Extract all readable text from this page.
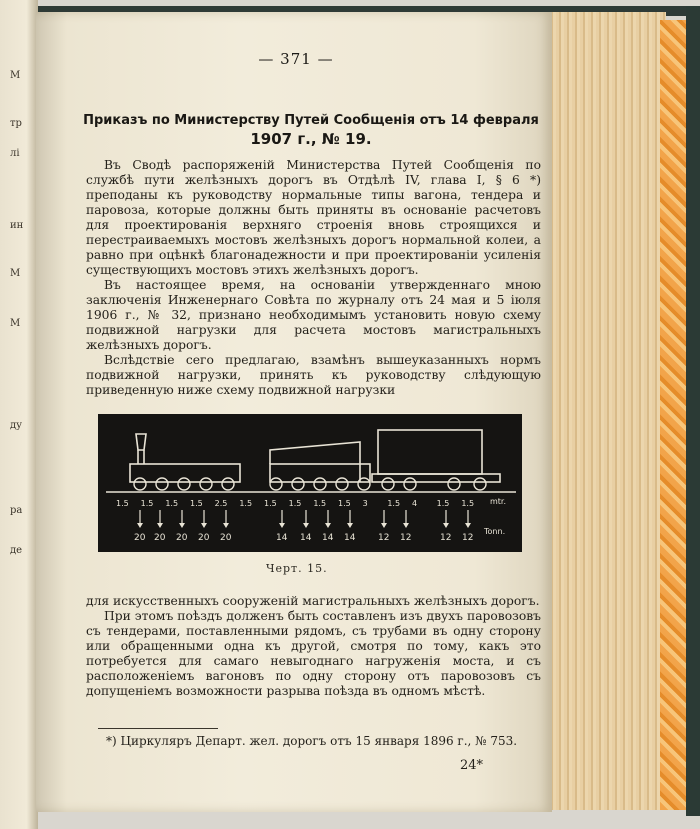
М
тр
лі
ин
М
М
ду
ра
де
— 371 —
Приказъ по Министерству Путей Сообщенія отъ 14 февраля
1907 г., № 19.

Въ Сводѣ распоряженій Министерства Путей Сообщенія по службѣ пути желѣзныхъ дорогъ въ Отдѣлѣ IV, глава I, § 6 *) преподаны къ руководству нормальные типы вагона, тендера и паровоза, которые должны быть приняты въ основаніе расчетовъ для проектированія верхняго строенія вновь строящихся и перестраиваемыхъ мостовъ желѣзныхъ дорогъ нормальной колеи, а равно при оцѣнкѣ благонадежности и при проектированіи усиленія существующихъ мостовъ этихъ желѣзныхъ дорогъ.

Въ настоящее время, на основаніи утвержденнаго мною заключенія Инженернаго Совѣта по журналу отъ 24 мая и 5 іюля 1906 г., № 32, признано необходимымъ установить новую схему подвижной нагрузки для расчета мостовъ магистральныхъ желѣзныхъ дорогъ.

Вслѣдствіе сего предлагаю, взамѣнъ вышеуказанныхъ нормъ подвижной нагрузки, принять къ руководству слѣдующую приведенную ниже схему подвижной нагрузки

1.5 1.5 1.5 1.5 2.5 1.5 1.5 1.5 1.5 1.5 3 1.5 4 1.5 1.5
20 20 20 20 20	14 14 14 14	12 12	12 12
mtr.
Tonn.
Черт. 15.

для искусственныхъ сооруженій магистральныхъ желѣзныхъ дорогъ.

При этомъ поѣздъ долженъ быть составленъ изъ двухъ паровозовъ съ тендерами, поставленными рядомъ, съ трубами въ одну сторону или обращенными одна къ другой, смотря по тому, какъ это потребуется для самаго невыгоднаго нагруженія моста, и съ расположеніемъ вагоновъ по одну сторону отъ паровозовъ съ допущеніемъ возможности разрыва поѣзда въ одномъ мѣстѣ.

*) Циркуляръ Департ. жел. дорогъ отъ 15 января 1896 г., № 753.
24*
